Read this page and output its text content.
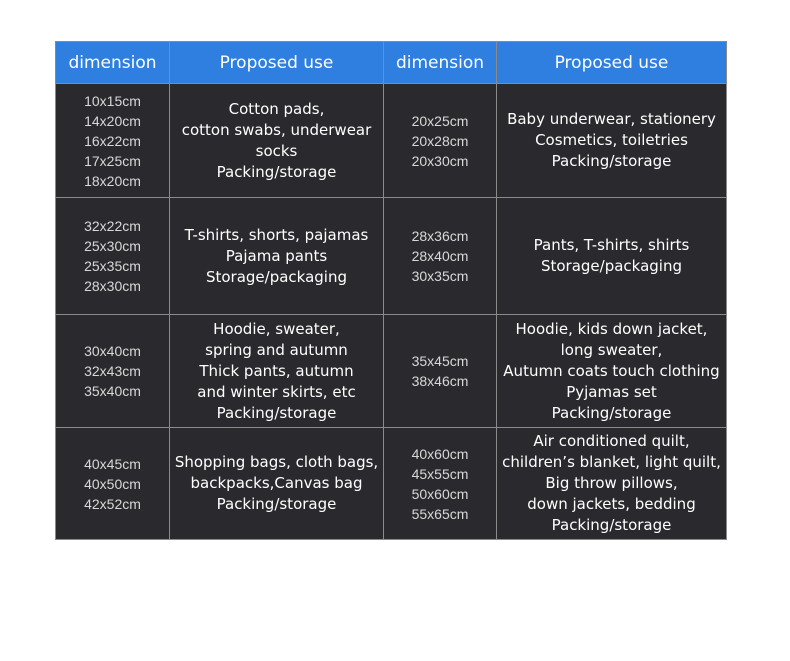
dimension	Proposed use	dimension	Proposed use

10x15cm
14x20cm
16x22cm
17x25cm
18x20cm	Cotton pads,
cotton swabs, underwear
socks
Packing/storage	20x25cm
20x28cm
20x30cm	Baby underwear, stationery
Cosmetics, toiletries
Packing/storage

32x22cm
25x30cm
25x35cm
28x30cm	T-shirts, shorts, pajamas
Pajama pants
Storage/packaging	28x36cm
28x40cm
30x35cm	Pants, T-shirts, shirts
Storage/packaging

30x40cm
32x43cm
35x40cm	Hoodie, sweater,
spring and autumn
Thick pants, autumn
and winter skirts, etc
Packing/storage	35x45cm
38x46cm	Hoodie, kids down jacket,
long sweater,
Autumn coats touch clothing
Pyjamas set
Packing/storage

40x45cm
40x50cm
42x52cm	Shopping bags, cloth bags,
backpacks,Canvas bag
Packing/storage	40x60cm
45x55cm
50x60cm
55x65cm	Air conditioned quilt,
children’s blanket, light quilt,
Big throw pillows,
down jackets, bedding
Packing/storage
